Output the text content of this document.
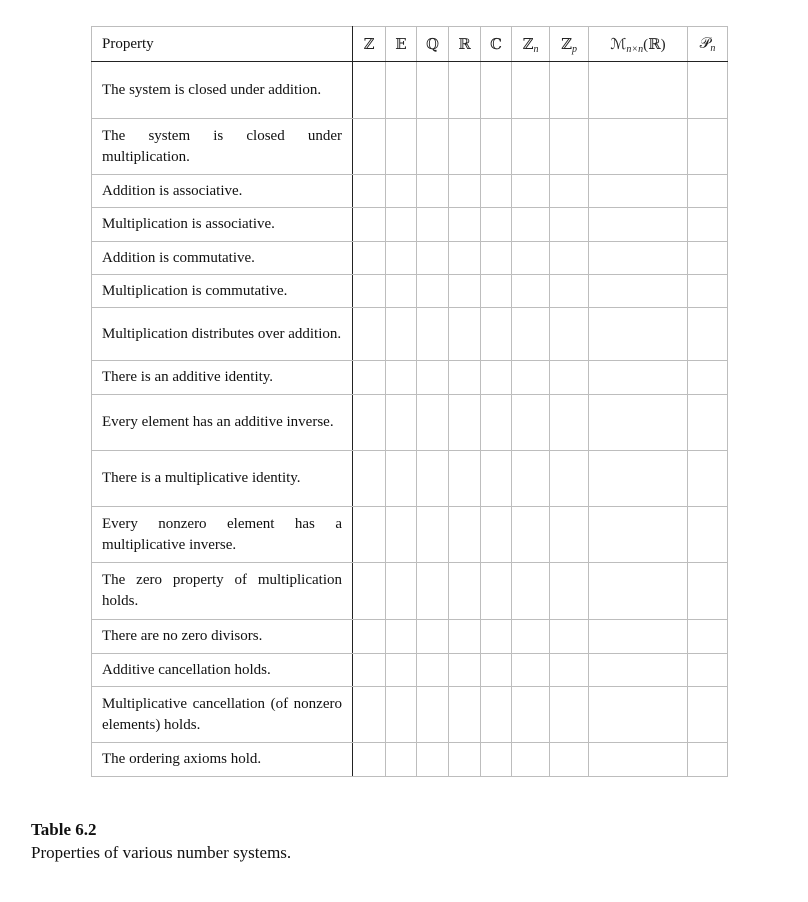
Property	ℤ	𝔼	ℚ	ℝ	ℂ	ℤ$_n$	ℤ$_p$	ℳ$_{n\times n}$(ℝ)	𝒫$_n$
The system is closed under addition.									
The system is closed under multiplication.									
Addition is associative.									
Multiplication is associative.									
Addition is commutative.									
Multiplication is commutative.									
Multiplication distributes over addition.									
There is an additive identity.									
Every element has an additive inverse.									
There is a multiplicative identity.									
Every nonzero element has a multiplicative inverse.									
The zero property of multiplication holds.									
There are no zero divisors.									
Additive cancellation holds.									
Multiplicative cancellation (of nonzero elements) holds.									
The ordering axioms hold.									
Table 6.2
Properties of various number systems.
